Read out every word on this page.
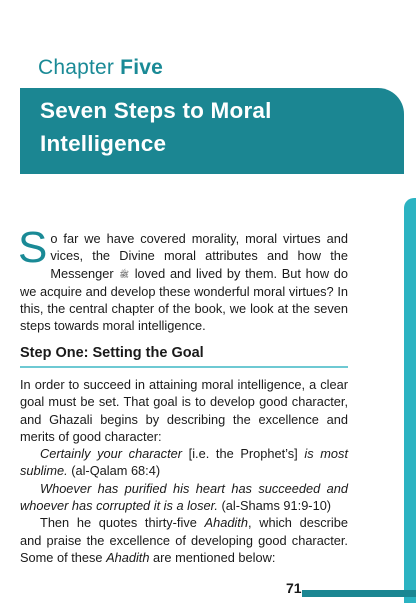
Chapter Five
Seven Steps to Moral
Intelligence
So far we have covered morality, moral virtues and vices, the Divine moral attributes and how the Messenger ﷺ loved and lived by them. But how do we acquire and develop these wonderful moral virtues? In this, the central chapter of the book, we look at the seven steps towards moral intelligence.
Step One: Setting the Goal

In order to succeed in attaining moral intelligence, a clear goal must be set. That goal is to develop good character, and Ghazali begins by describing the excellence and merits of good character:

Certainly your character [i.e. the Prophet’s] is most sublime. (al-Qalam 68:4)

Whoever has purified his heart has succeeded and whoever has corrupted it is a loser. (al-Shams 91:9-10)

Then he quotes thirty-five Ahadith, which describe and praise the excellence of developing good character. Some of these Ahadith are mentioned below:

71
